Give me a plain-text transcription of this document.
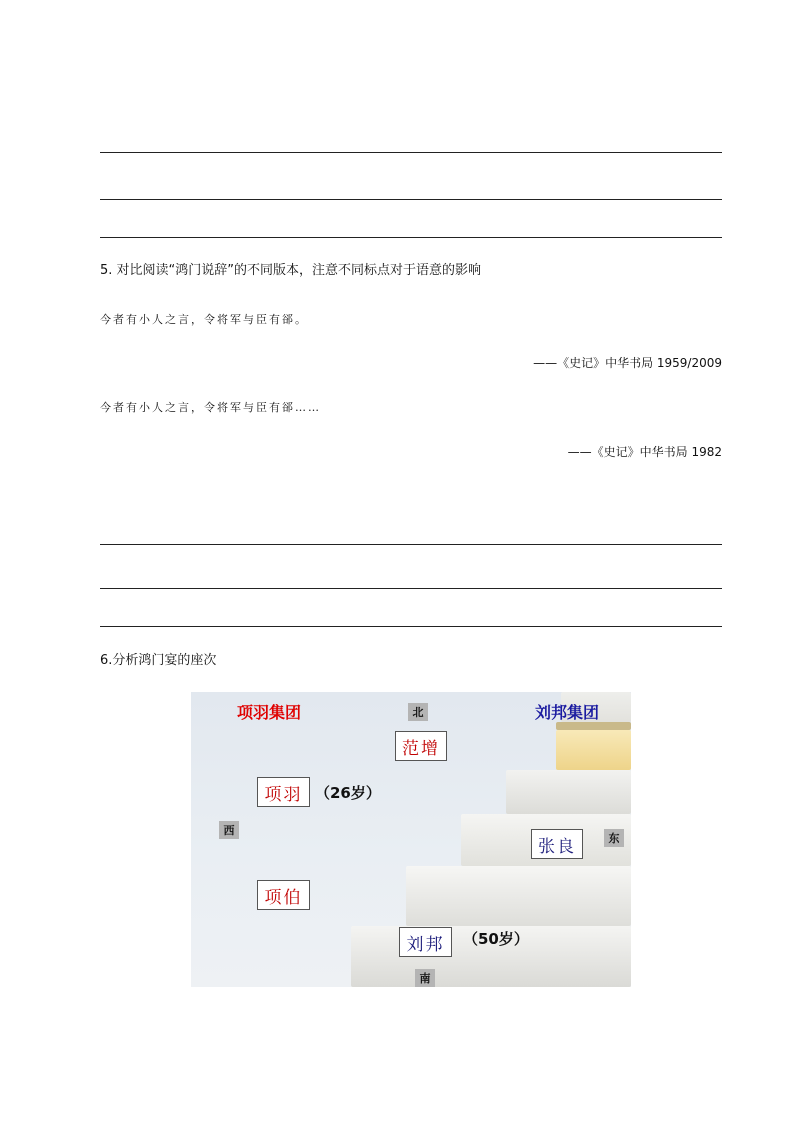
5. 对比阅读“鸿门说辞”的不同版本，注意不同标点对于语意的影响
今者有小人之言，令将军与臣有郤。
——《史记》中华书局 1959/2009
今者有小人之言，令将军与臣有郤……
——《史记》中华书局 1982
6.分析鸿门宴的座次
项羽集团	刘邦集团
北
西
东
南
范增
项羽 （26岁）
项伯
张良
刘邦	（50岁）
